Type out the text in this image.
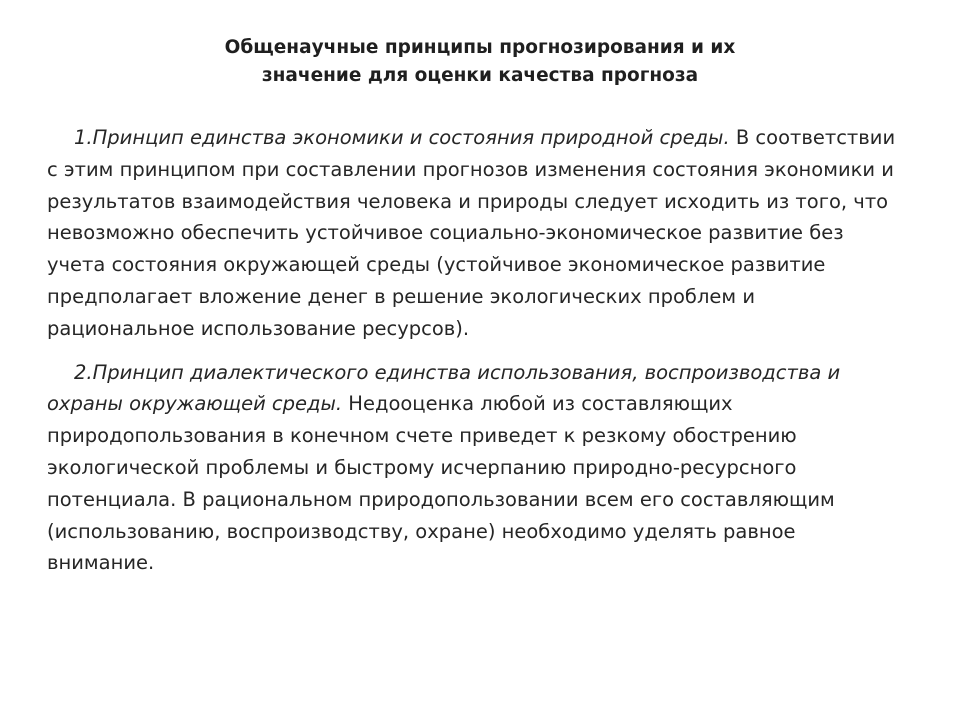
Общенаучные принципы прогнозирования и их
значение для оценки качества прогноза

1.Принцип единства экономики и состояния природной среды. В соответствии с этим принципом при составлении прогнозов изменения состояния экономики и результатов взаимодействия человека и природы следует исходить из того, что невозможно обеспечить устойчивое социально-экономическое развитие без учета состояния окружающей среды (устойчивое экономическое развитие предполагает вложение денег в решение экологических проблем и рациональное использование ресурсов).

2.Принцип диалектического единства использования, воспроизводства и охраны окружающей среды. Недооценка любой из составляющих природопользования в конечном счете приведет к резкому обострению экологической проблемы и быстрому исчерпанию природно-ресурсного потенциала. В рациональном природопользовании всем его составляющим (использованию, воспроизводству, охране) необходимо уделять равное внимание.
